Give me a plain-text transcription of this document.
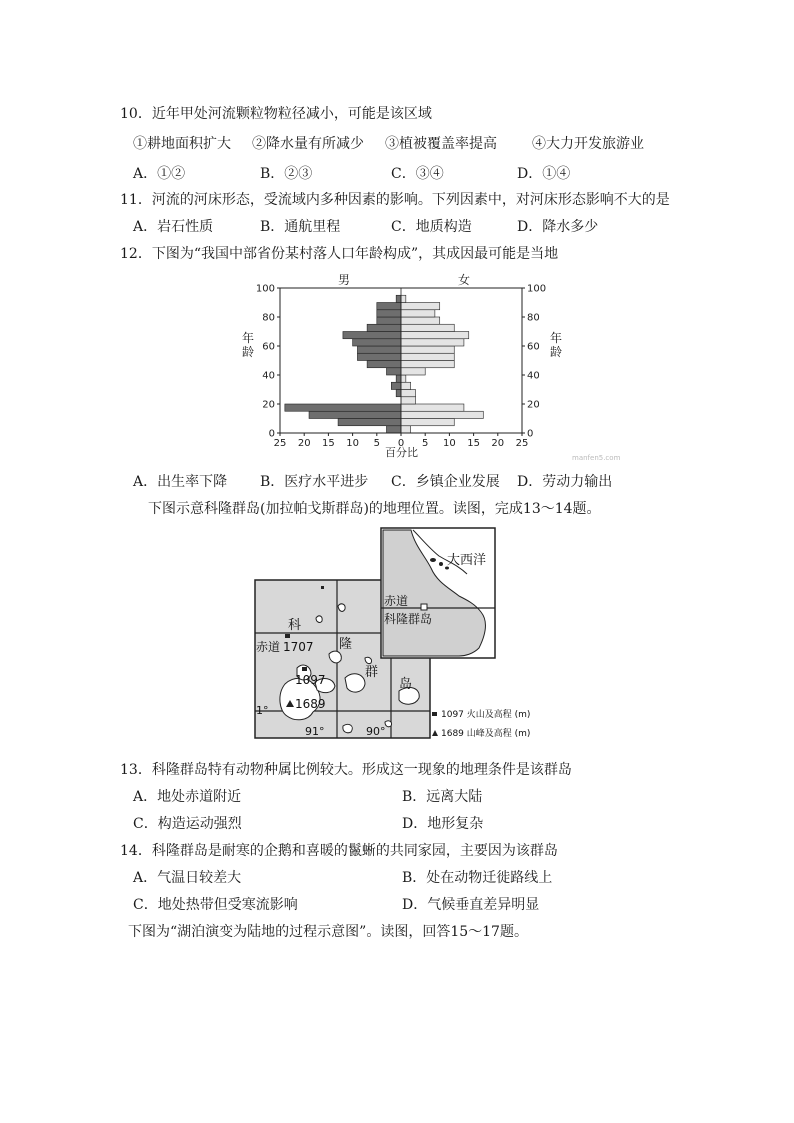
10．近年甲处河流颗粒物粒径减小，可能是该区域
①耕地面积扩大 ②降水量有所减少 ③植被覆盖率提高	④大力开发旅游业
A．①②	B．②③	C．③④	D．①④
11．河流的河床形态，受流域内多种因素的影响。下列因素中，对河床形态影响不大的是
A．岩石性质	B．通航里程	C．地质构造	D．降水多少
12．下图为“我国中部省份某村落人口年龄构成”，其成因最可能是当地
男	女
100	100
80	80
60	60
40	40
20	20
0	0
25 20 15 10 5 0 5 10 15 20 25
年龄
年龄
百分比	manfen5.com
A．出生率下降 B．医疗水平进步 C．乡镇企业发展 D．劳动力输出
下图示意科隆群岛(加拉帕戈斯群岛)的地理位置。读图，完成13～14题。
科
隆
群
岛
赤道 1707
1097
1689
1°
91°	90°
大西洋
赤道
科隆群岛
1097 火山及高程 (m)
1689 山峰及高程 (m)
13．科隆群岛特有动物种属比例较大。形成这一现象的地理条件是该群岛
A．地处赤道附近	B．远离大陆
C．构造运动强烈	D．地形复杂
14．科隆群岛是耐寒的企鹅和喜暖的鬣蜥的共同家园，主要因为该群岛
A．气温日较差大	B．处在动物迁徙路线上
C．地处热带但受寒流影响	D．气候垂直差异明显
下图为“湖泊演变为陆地的过程示意图”。读图，回答15～17题。
